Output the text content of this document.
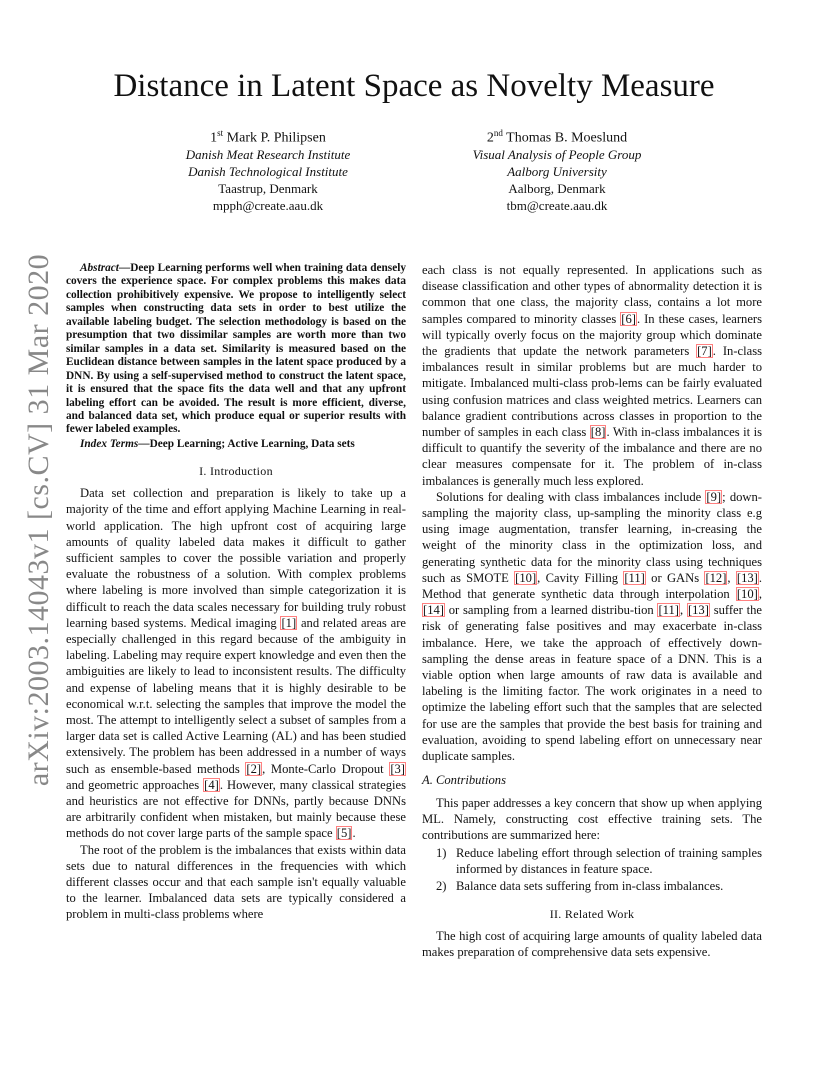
arXiv:2003.14043v1 [cs.CV] 31 Mar 2020
Distance in Latent Space as Novelty Measure
1st Mark P. Philipsen
Danish Meat Research Institute
Danish Technological Institute
Taastrup, Denmark
mpph@create.aau.dk
2nd Thomas B. Moeslund
Visual Analysis of People Group
Aalborg University
Aalborg, Denmark
tbm@create.aau.dk

Abstract—Deep Learning performs well when training data densely covers the experience space. For complex problems this makes data collection prohibitively expensive. We propose to intelligently select samples when constructing data sets in order to best utilize the available labeling budget. The selection methodology is based on the presumption that two dissimilar samples are worth more than two similar samples in a data set. Similarity is measured based on the Euclidean distance between samples in the latent space produced by a DNN. By using a self-supervised method to construct the latent space, it is ensured that the space fits the data well and that any upfront labeling effort can be avoided. The result is more efficient, diverse, and balanced data set, which produce equal or superior results with fewer labeled examples.

Index Terms—Deep Learning; Active Learning, Data sets

I. Introduction

Data set collection and preparation is likely to take up a majority of the time and effort applying Machine Learning in real-world application. The high upfront cost of acquiring large amounts of quality labeled data makes it difficult to gather sufficient samples to cover the possible variation and properly evaluate the robustness of a solution. With complex problems where labeling is more involved than simple categorization it is difficult to reach the data scales necessary for building truly robust learning based systems. Medical imaging [1] and related areas are especially challenged in this regard because of the ambiguity in labeling. Labeling may require expert knowledge and even then the ambiguities are likely to lead to inconsistent results. The difficulty and expense of labeling means that it is highly desirable to be economical w.r.t. selecting the samples that improve the model the most. The attempt to intelligently select a subset of samples from a larger data set is called Active Learning (AL) and has been studied extensively. The problem has been addressed in a number of ways such as ensemble-based methods [2], Monte-Carlo Dropout [3] and geometric approaches [4]. However, many classical strategies and heuristics are not effective for DNNs, partly because DNNs are arbitrarily confident when mistaken, but mainly because these methods do not cover large parts of the sample space [5].

The root of the problem is the imbalances that exists within data sets due to natural differences in the frequencies with which different classes occur and that each sample isn't equally valuable to the learner. Imbalanced data sets are typically considered a problem in multi-class problems where

each class is not equally represented. In applications such as disease classification and other types of abnormality detection it is common that one class, the majority class, contains a lot more samples compared to minority classes [6]. In these cases, learners will typically overly focus on the majority group which dominate the gradients that update the network parameters [7]. In-class imbalances result in similar problems but are much harder to mitigate. Imbalanced multi-class prob-lems can be fairly evaluated using confusion matrices and class weighted metrics. Learners can balance gradient contributions across classes in proportion to the number of samples in each class [8]. With in-class imbalances it is difficult to quantify the severity of the imbalance and there are no clear measures compensate for it. The problem of in-class imbalances is generally much less explored.

Solutions for dealing with class imbalances include [9]; down-sampling the majority class, up-sampling the minority class e.g using image augmentation, transfer learning, in-creasing the weight of the minority class in the optimization loss, and generating synthetic data for the minority class using techniques such as SMOTE [10], Cavity Filling [11] or GANs [12], [13]. Method that generate synthetic data through interpolation [10], [14] or sampling from a learned distribu-tion [11], [13] suffer the risk of generating false positives and may exacerbate in-class imbalance. Here, we take the approach of effectively down-sampling the dense areas in feature space of a DNN. This is a viable option when large amounts of raw data is available and labeling is the limiting factor. The work originates in a need to optimize the labeling effort such that the samples that are selected for use are the samples that provide the best basis for training and evaluation, avoiding to spend labeling effort on unnecessary near duplicate samples.

A. Contributions

This paper addresses a key concern that show up when applying ML. Namely, constructing cost effective training sets. The contributions are summarized here:

1) Reduce labeling effort through selection of training samples informed by distances in feature space.
2) Balance data sets suffering from in-class imbalances.
II. Related Work

The high cost of acquiring large amounts of quality labeled data makes preparation of comprehensive data sets expensive.
